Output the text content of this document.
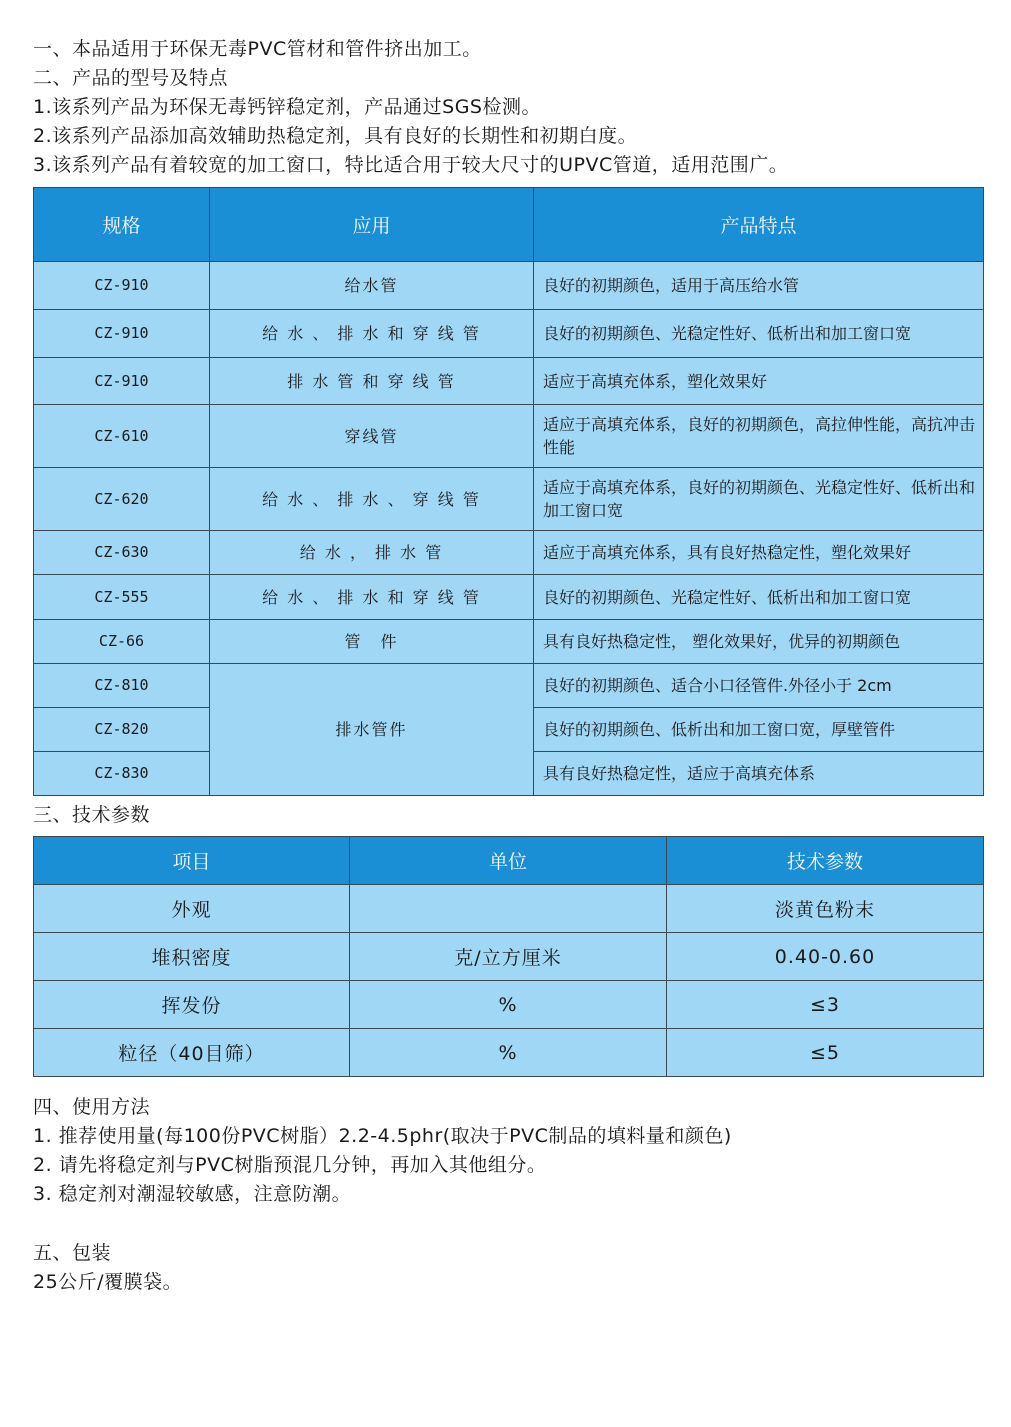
一、本品适用于环保无毒PVC管材和管件挤出加工。
二、产品的型号及特点
1.该系列产品为环保无毒钙锌稳定剂，产品通过SGS检测。
2.该系列产品添加高效辅助热稳定剂，具有良好的长期性和初期白度。
3.该系列产品有着较宽的加工窗口，特比适合用于较大尺寸的UPVC管道，适用范围广。
规格	应用	产品特点
CZ-910	给水管	良好的初期颜色，适用于高压给水管
CZ-910	给 水 、 排 水 和 穿 线 管	良好的初期颜色、光稳定性好、低析出和加工窗口宽
CZ-910	排 水 管 和 穿 线 管	适应于高填充体系，塑化效果好
CZ-610	穿线管	适应于高填充体系，良好的初期颜色，高拉伸性能，高抗冲击性能
CZ-620	给 水 、 排 水 、 穿 线 管	适应于高填充体系，良好的初期颜色、光稳定性好、低析出和加工窗口宽
CZ-630	给 水 ， 排 水 管	适应于高填充体系，具有良好热稳定性，塑化效果好
CZ-555	给 水 、 排 水 和 穿 线 管	良好的初期颜色、光稳定性好、低析出和加工窗口宽
CZ-66	管　件	具有良好热稳定性， 塑化效果好，优异的初期颜色
CZ-810	排水管件	良好的初期颜色、适合小口径管件.外径小于 2cm
CZ-820		良好的初期颜色、低析出和加工窗口宽，厚壁管件
CZ-830		具有良好热稳定性，适应于高填充体系
三、技术参数
项目	单位	技术参数
外观		淡黄色粉末
堆积密度	克/立方厘米	0.40-0.60
挥发份	%	≤3
粒径（40目筛）	%	≤5
四、使用方法
1. 推荐使用量(每100份PVC树脂）2.2-4.5phr(取决于PVC制品的填料量和颜色)
2. 请先将稳定剂与PVC树脂预混几分钟，再加入其他组分。
3. 稳定剂对潮湿较敏感，注意防潮。
五、包装
25公斤/覆膜袋。
